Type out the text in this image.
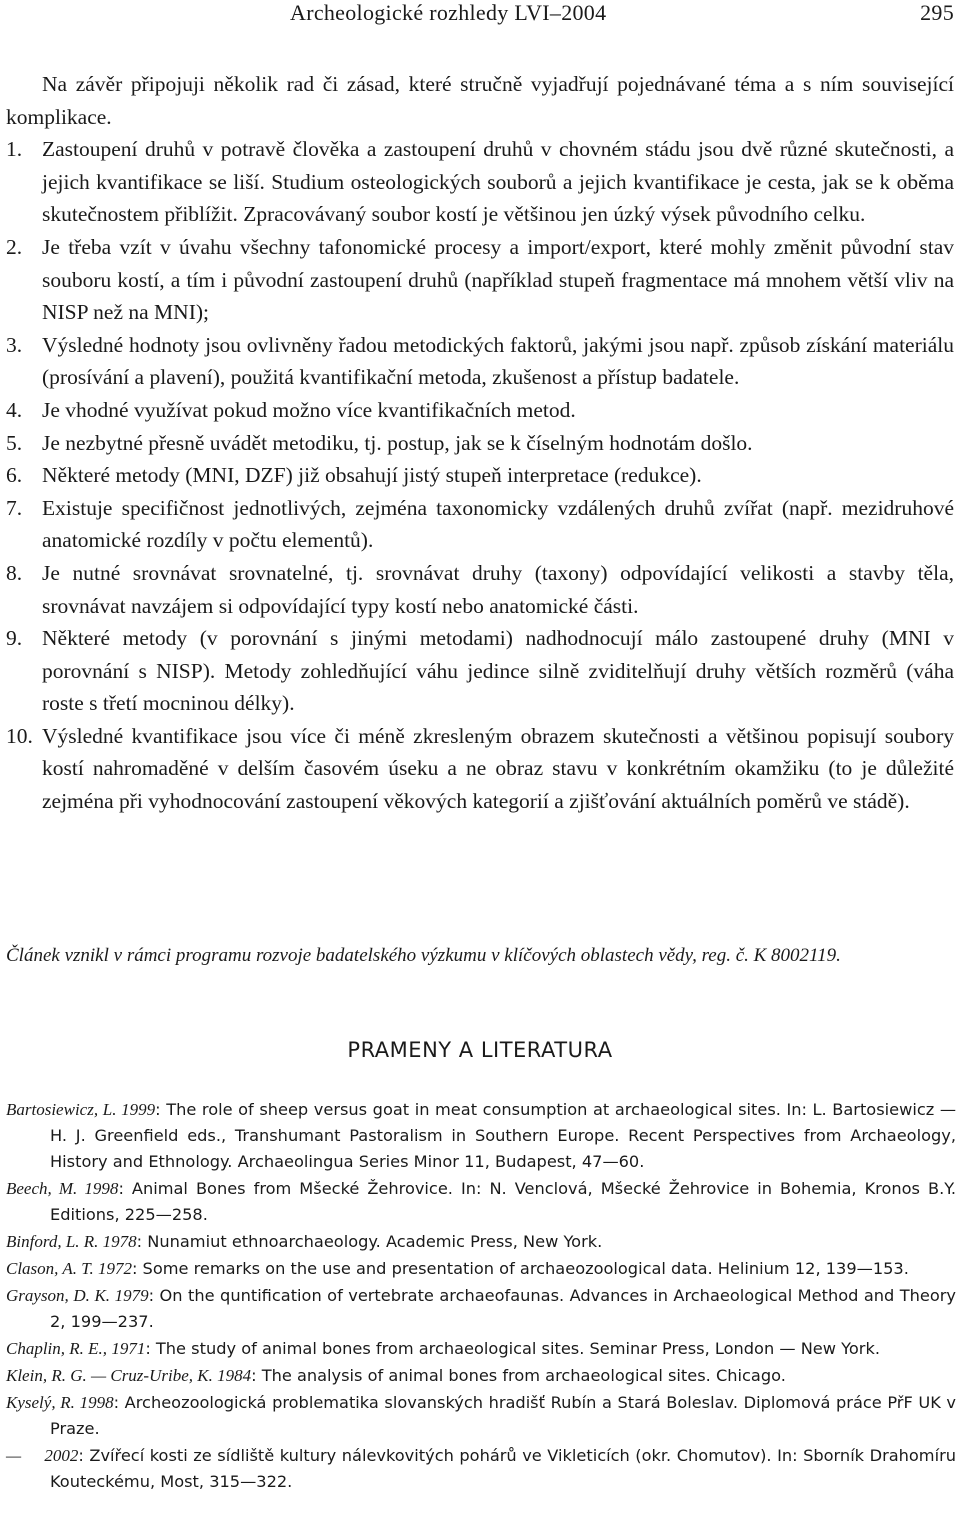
Archeologické rozhledy LVI–2004	295

Na závěr připojuji několik rad či zásad, které stručně vyjadřují pojednávané téma a s ním související komplikace.

1. Zastoupení druhů v potravě člověka a zastoupení druhů v chovném stádu jsou dvě různé skutečnosti, a jejich kvantifikace se liší. Studium osteologických souborů a jejich kvantifikace je cesta, jak se k oběma skutečnostem přiblížit. Zpracovávaný soubor kostí je většinou jen úzký výsek původního celku.
2. Je třeba vzít v úvahu všechny tafonomické procesy a import/export, které mohly změnit původní stav souboru kostí, a tím i původní zastoupení druhů (například stupeň fragmentace má mnohem větší vliv na NISP než na MNI);
3. Výsledné hodnoty jsou ovlivněny řadou metodických faktorů, jakými jsou např. způsob získání materiálu (prosívání a plavení), použitá kvantifikační metoda, zkušenost a přístup badatele.
4. Je vhodné využívat pokud možno více kvantifikačních metod.
5. Je nezbytné přesně uvádět metodiku, tj. postup, jak se k číselným hodnotám došlo.
6. Některé metody (MNI, DZF) již obsahují jistý stupeň interpretace (redukce).
7. Existuje specifičnost jednotlivých, zejména taxonomicky vzdálených druhů zvířat (např. mezidruhové anatomické rozdíly v počtu elementů).
8. Je nutné srovnávat srovnatelné, tj. srovnávat druhy (taxony) odpovídající velikosti a stavby těla, srovnávat navzájem si odpovídající typy kostí nebo anatomické části.
9. Některé metody (v porovnání s jinými metodami) nadhodnocují málo zastoupené druhy (MNI v porovnání s NISP). Metody zohledňující váhu jedince silně zviditelňují druhy větších rozměrů (váha roste s třetí mocninou délky).
10. Výsledné kvantifikace jsou více či méně zkresleným obrazem skutečnosti a většinou popisují soubory kostí nahromaděné v delším časovém úseku a ne obraz stavu v konkrétním okamžiku (to je důležité zejména při vyhodnocování zastoupení věkových kategorií a zjišťování aktuálních poměrů ve stádě).
Článek vznikl v rámci programu rozvoje badatelského výzkumu v klíčových oblastech vědy, reg. č. K 8002119.
PRAMENY A LITERATURA
Bartosiewicz, L. 1999: The role of sheep versus goat in meat consumption at archaeological sites. In: L. Bartosiewicz — H. J. Greenfield eds., Transhumant Pastoralism in Southern Europe. Recent Perspectives from Archaeology, History and Ethnology. Archaeolingua Series Minor 11, Budapest, 47—60.
Beech, M. 1998: Animal Bones from Mšecké Žehrovice. In: N. Venclová, Mšecké Žehrovice in Bohemia, Kronos B.Y. Editions, 225—258.
Binford, L. R. 1978: Nunamiut ethnoarchaeology. Academic Press, New York.
Clason, A. T. 1972: Some remarks on the use and presentation of archaeozoological data. Helinium 12, 139—153.
Grayson, D. K. 1979: On the quntification of vertebrate archaeofaunas. Advances in Archaeological Method and Theory 2, 199—237.
Chaplin, R. E., 1971: The study of animal bones from archaeological sites. Seminar Press, London — New York.
Klein, R. G. — Cruz-Uribe, K. 1984: The analysis of animal bones from archaeological sites. Chicago.
Kyselý, R. 1998: Archeozoologická problematika slovanských hradišť Rubín a Stará Boleslav. Diplomová práce PřF UK v Praze.
—     2002: Zvířecí kosti ze sídliště kultury nálevkovitých pohárů ve Vikleticích (okr. Chomutov). In: Sborník Drahomíru Kouteckému, Most, 315—322.
